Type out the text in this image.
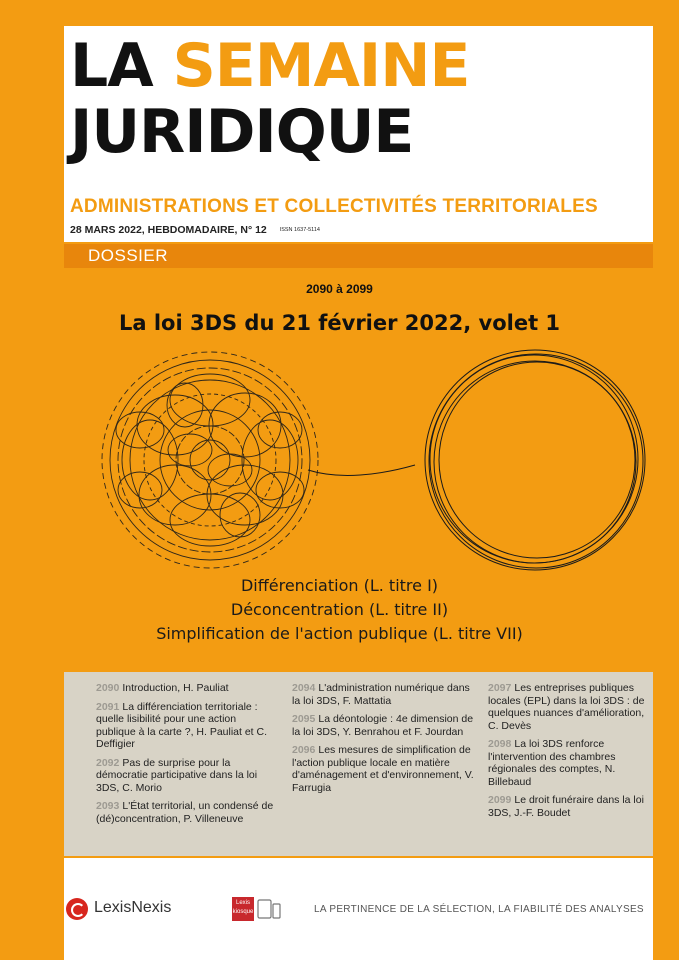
LA SEMAINE
JURIDIQUE
ADMINISTRATIONS ET COLLECTIVITÉS TERRITORIALES
28 MARS 2022, HEBDOMADAIRE, N° 12 ISSN 1637-5114
DOSSIER
2090 à 2099
La loi 3DS du 21 février 2022, volet 1
Différenciation (L. titre I)
Déconcentration (L. titre II)
Simplification de l'action publique (L. titre VII)
2090 Introduction, H. Pauliat
2091 La différenciation territoriale : quelle lisibilité pour une action publique à la carte ?, H. Pauliat et C. Deffigier
2092 Pas de surprise pour la démocratie participative dans la loi 3DS, C. Morio
2093 L'État territorial, un condensé de (dé)concentration, P. Villeneuve
2094 L'administration numérique dans la loi 3DS, F. Mattatia
2095 La déontologie : 4e dimension de la loi 3DS, Y. Benrahou et F. Jourdan
2096 Les mesures de simplification de l'action publique locale en matière d'aménagement et d'environnement, V. Farrugia
2097 Les entreprises publiques locales (EPL) dans la loi 3DS : de quelques nuances d'amélioration, C. Devès
2098 La loi 3DS renforce l'intervention des chambres régionales des comptes, N. Billebaud
2099 Le droit funéraire dans la loi 3DS, J.-F. Boudet
LexisNexis	Lexis
kiosque	LA PERTINENCE DE LA SÉLECTION, LA FIABILITÉ DES ANALYSES
